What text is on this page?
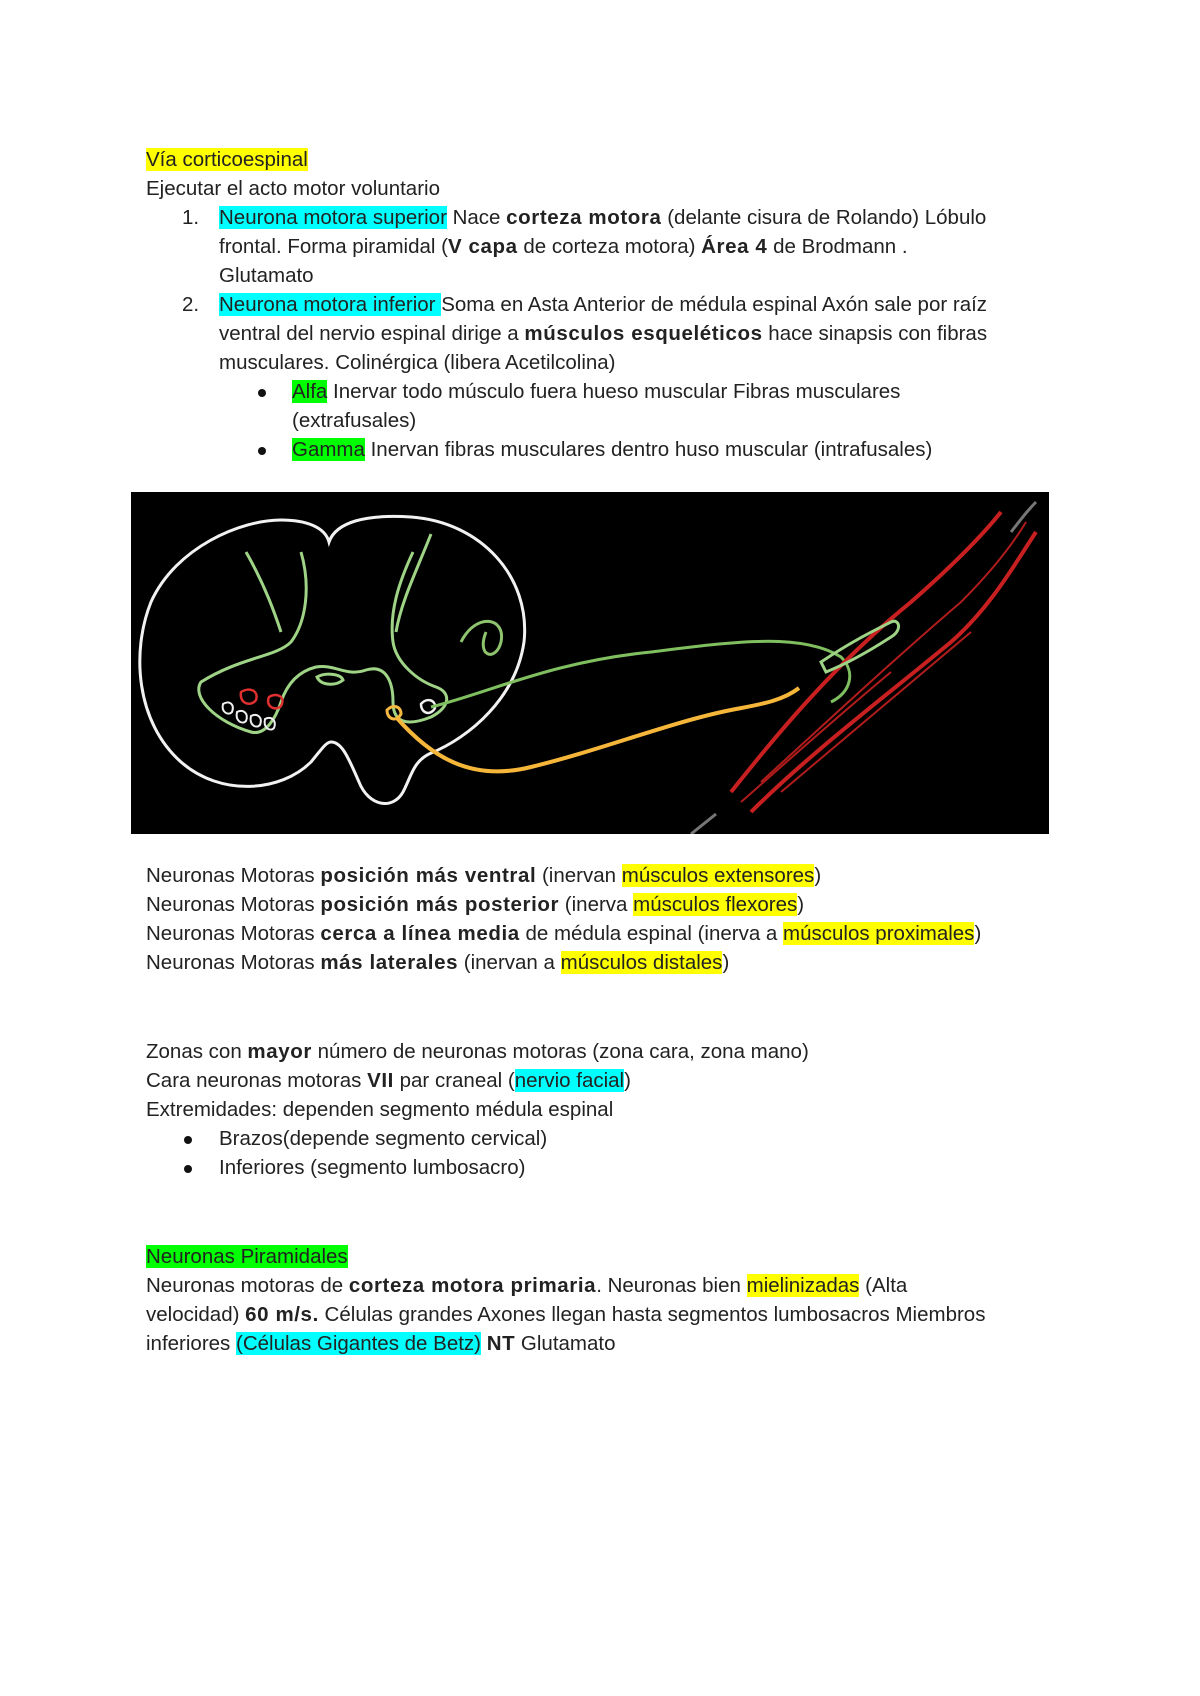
Vía corticoespinal
Ejecutar el acto motor voluntario
1. Neurona motora superior Nace corteza motora (delante cisura de Rolando) Lóbulo
frontal. Forma piramidal (V capa de corteza motora) Área 4 de Brodmann .
Glutamato
2. Neurona motora inferior Soma en Asta Anterior de médula espinal Axón sale por raíz
ventral del nervio espinal dirige a músculos esqueléticos hace sinapsis con fibras
musculares. Colinérgica (libera Acetilcolina)
Alfa Inervar todo músculo fuera hueso muscular Fibras musculares
(extrafusales)
Gamma Inervan fibras musculares dentro huso muscular (intrafusales)
Neuronas Motoras posición más ventral (inervan músculos extensores)
Neuronas Motoras posición más posterior (inerva músculos flexores)
Neuronas Motoras cerca a línea media de médula espinal (inerva a músculos proximales)
Neuronas Motoras más laterales (inervan a músculos distales)
Zonas con mayor número de neuronas motoras (zona cara, zona mano)
Cara neuronas motoras VII par craneal (nervio facial)
Extremidades: dependen segmento médula espinal
Brazos(depende segmento cervical)
Inferiores (segmento lumbosacro)
Neuronas Piramidales
Neuronas motoras de corteza motora primaria. Neuronas bien mielinizadas (Alta
velocidad) 60 m/s. Células grandes Axones llegan hasta segmentos lumbosacros Miembros
inferiores (Células Gigantes de Betz) NT Glutamato
